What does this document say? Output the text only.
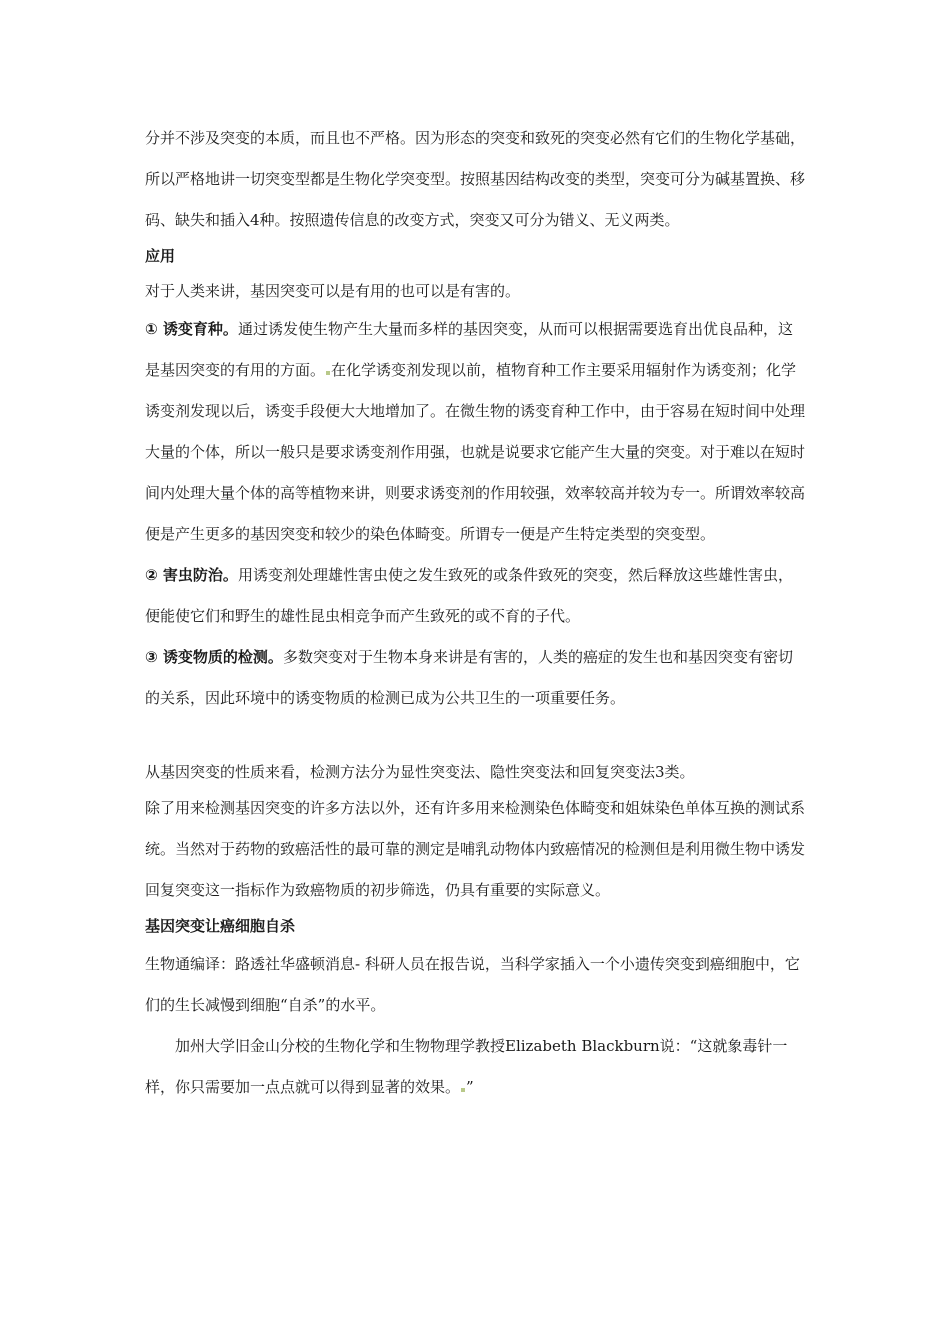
分并不涉及突变的本质，而且也不严格。因为形态的突变和致死的突变必然有它们的生物化学基础，所以严格地讲一切突变型都是生物化学突变型。按照基因结构改变的类型，突变可分为碱基置换、移码、缺失和插入4种。按照遗传信息的改变方式，突变又可分为错义、无义两类。

应用

对于人类来讲，基因突变可以是有用的也可以是有害的。

① 诱变育种。通过诱发使生物产生大量而多样的基因突变，从而可以根据需要选育出优良品种，这是基因突变的有用的方面。 在化学诱变剂发现以前，植物育种工作主要采用辐射作为诱变剂；化学诱变剂发现以后，诱变手段便大大地增加了。在微生物的诱变育种工作中，由于容易在短时间中处理大量的个体，所以一般只是要求诱变剂作用强，也就是说要求它能产生大量的突变。对于难以在短时间内处理大量个体的高等植物来讲，则要求诱变剂的作用较强，效率较高并较为专一。所谓效率较高便是产生更多的基因突变和较少的染色体畸变。所谓专一便是产生特定类型的突变型。

② 害虫防治。用诱变剂处理雄性害虫使之发生致死的或条件致死的突变，然后释放这些雄性害虫，便能使它们和野生的雄性昆虫相竞争而产生致死的或不育的子代。

③ 诱变物质的检测。多数突变对于生物本身来讲是有害的，人类的癌症的发生也和基因突变有密切的关系，因此环境中的诱变物质的检测已成为公共卫生的一项重要任务。

从基因突变的性质来看，检测方法分为显性突变法、隐性突变法和回复突变法3类。

除了用来检测基因突变的许多方法以外，还有许多用来检测染色体畸变和姐妹染色单体互换的测试系统。当然对于药物的致癌活性的最可靠的测定是哺乳动物体内致癌情况的检测但是利用微生物中诱发回复突变这一指标作为致癌物质的初步筛选，仍具有重要的实际意义。

基因突变让癌细胞自杀

生物通编译：路透社华盛顿消息- 科研人员在报告说，当科学家插入一个小遗传突变到癌细胞中，它们的生长减慢到细胞“自杀”的水平。

加州大学旧金山分校的生物化学和生物物理学教授Elizabeth Blackburn说：“这就象毒针一样，你只需要加一点点就可以得到显著的效果。 ”
